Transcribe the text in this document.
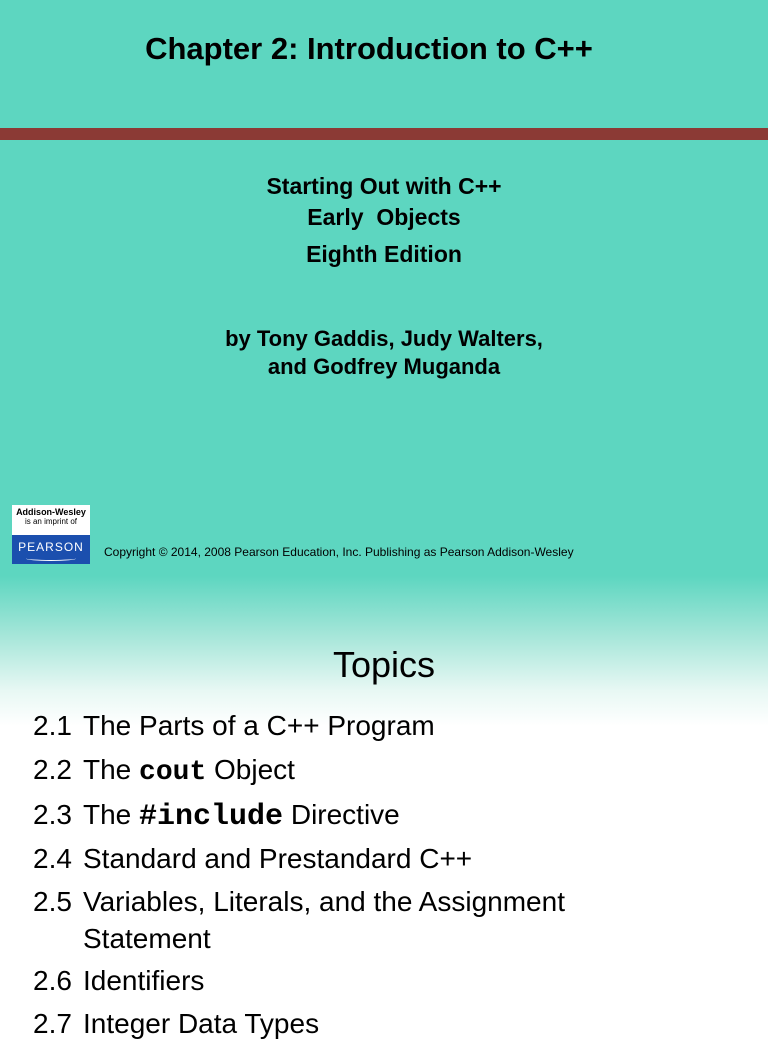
Chapter 2: Introduction to C++
Starting Out with C++
Early  Objects
Eighth Edition
by Tony Gaddis, Judy Walters,
and Godfrey Muganda
Addison-Wesley
is an imprint of
PEARSON	Copyright © 2014, 2008 Pearson Education, Inc. Publishing as Pearson Addison-Wesley
Topics
2.1 The Parts of a C++ Program
2.2 The cout Object
2.3 The #include Directive
2.4 Standard and Prestandard C++
2.5 Variables, Literals, and the Assignment
Statement
2.6 Identifiers
2.7 Integer Data Types
